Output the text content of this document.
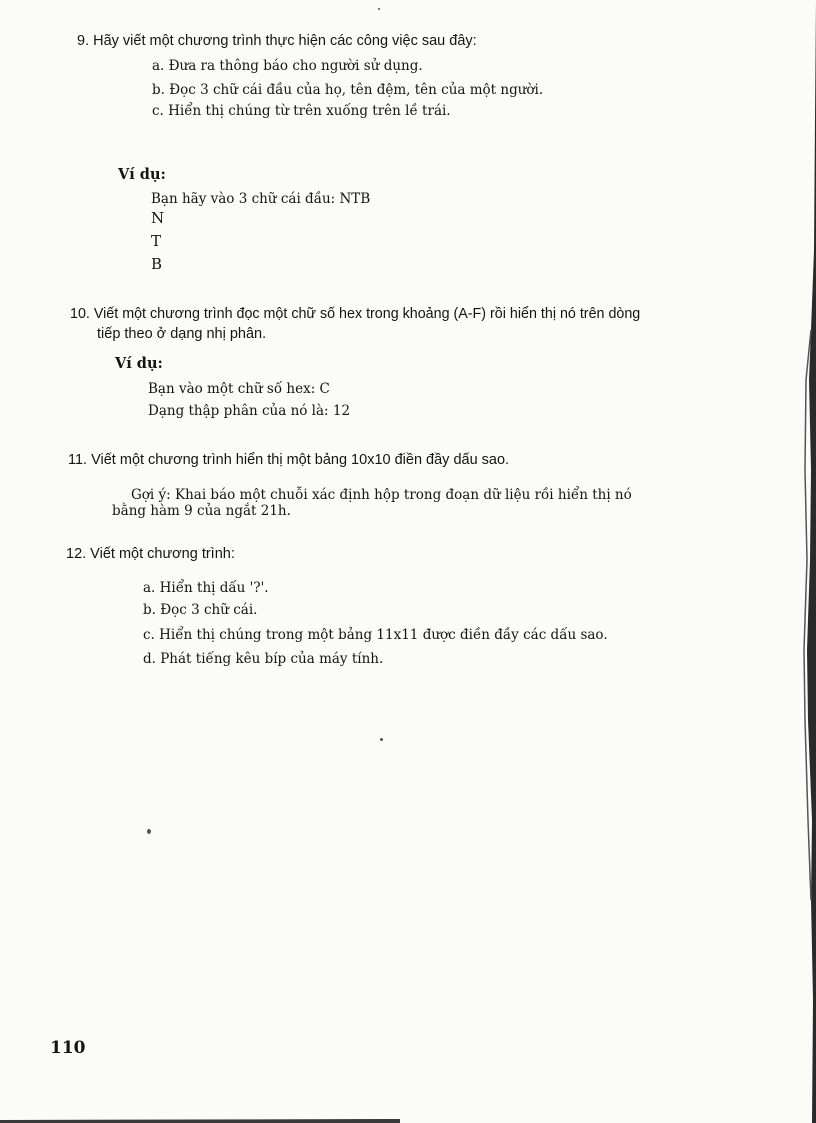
9. Hãy viết một chương trình thực hiện các công việc sau đây:
a. Đưa ra thông báo cho người sử dụng.
b. Đọc 3 chữ cái đầu của họ, tên đệm, tên của một người.
c. Hiển thị chúng từ trên xuống trên lề trái.
Ví dụ:
Bạn hãy vào 3 chữ cái đầu: NTB
N
T
B
10. Viết một chương trình đọc một chữ số hex trong khoảng (A-F) rồi hiển thị nó trên dòng
tiếp theo ở dạng nhị phân.
Ví dụ:
Bạn vào một chữ số hex: C
Dạng thập phân của nó là: 12
11. Viết một chương trình hiển thị một bảng 10x10 điền đầy dấu sao.
Gợi ý: Khai báo một chuỗi xác định hộp trong đoạn dữ liệu rồi hiển thị nó
bằng hàm 9 của ngắt 21h.
12. Viết một chương trình:
a. Hiển thị dấu '?'.
b. Đọc 3 chữ cái.
c. Hiển thị chúng trong một bảng 11x11 được điền đầy các dấu sao.
d. Phát tiếng kêu bíp của máy tính.
110
